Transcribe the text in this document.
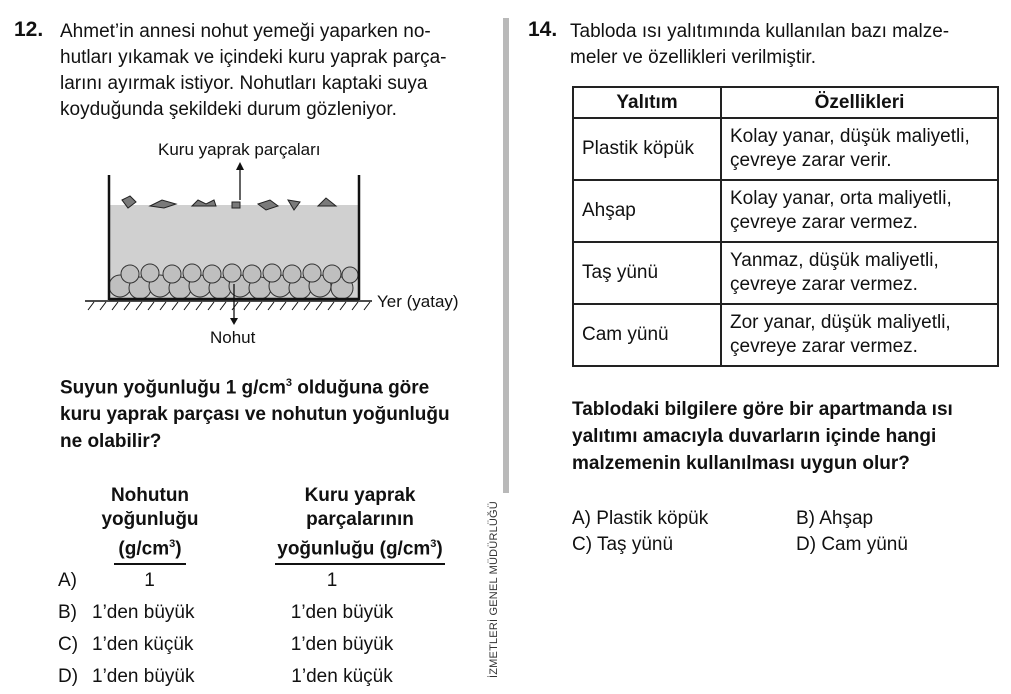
12. Ahmet’in annesi nohut yemeği yaparken no-
hutları yıkamak ve içindeki kuru yaprak parça-
larını ayırmak istiyor. Nohutları kaptaki suya
koyduğunda şekildeki durum gözleniyor.
Kuru yaprak parçaları
Yer (yatay)
Nohut
Suyun yoğunluğu 1 $g/cm^3$ olduğuna göre
kuru yaprak parçası ve nohutun yoğunluğu
ne olabilir?
Nohutun
yoğunluğu
$(g/cm^3)$
Kuru yaprak
parçalarının
yoğunluğu $(g/cm^3)$
A)	1	1
B) 1’den büyük	1’den büyük
C) 1’den küçük	1’den büyük
D) 1’den büyük	1’den küçük	İZMETLERİ GENEL MÜDÜRLÜĞÜ
14. Tabloda ısı yalıtımında kullanılan bazı malze-
meler ve özellikleri verilmiştir.
Yalıtım	Özellikleri
Plastik köpük	Kolay yanar, düşük maliyetli,
çevreye zarar verir.

Ahşap	Kolay yanar, orta maliyetli,
çevreye zarar vermez.

Taş yünü	Yanmaz, düşük maliyetli,
çevreye zarar vermez.

Cam yünü	Zor yanar, düşük maliyetli,
çevreye zarar vermez.
Tablodaki bilgilere göre bir apartmanda ısı
yalıtımı amacıyla duvarların içinde hangi
malzemenin kullanılması uygun olur?
A) Plastik köpük	B) Ahşap
C) Taş yünü	D) Cam yünü
